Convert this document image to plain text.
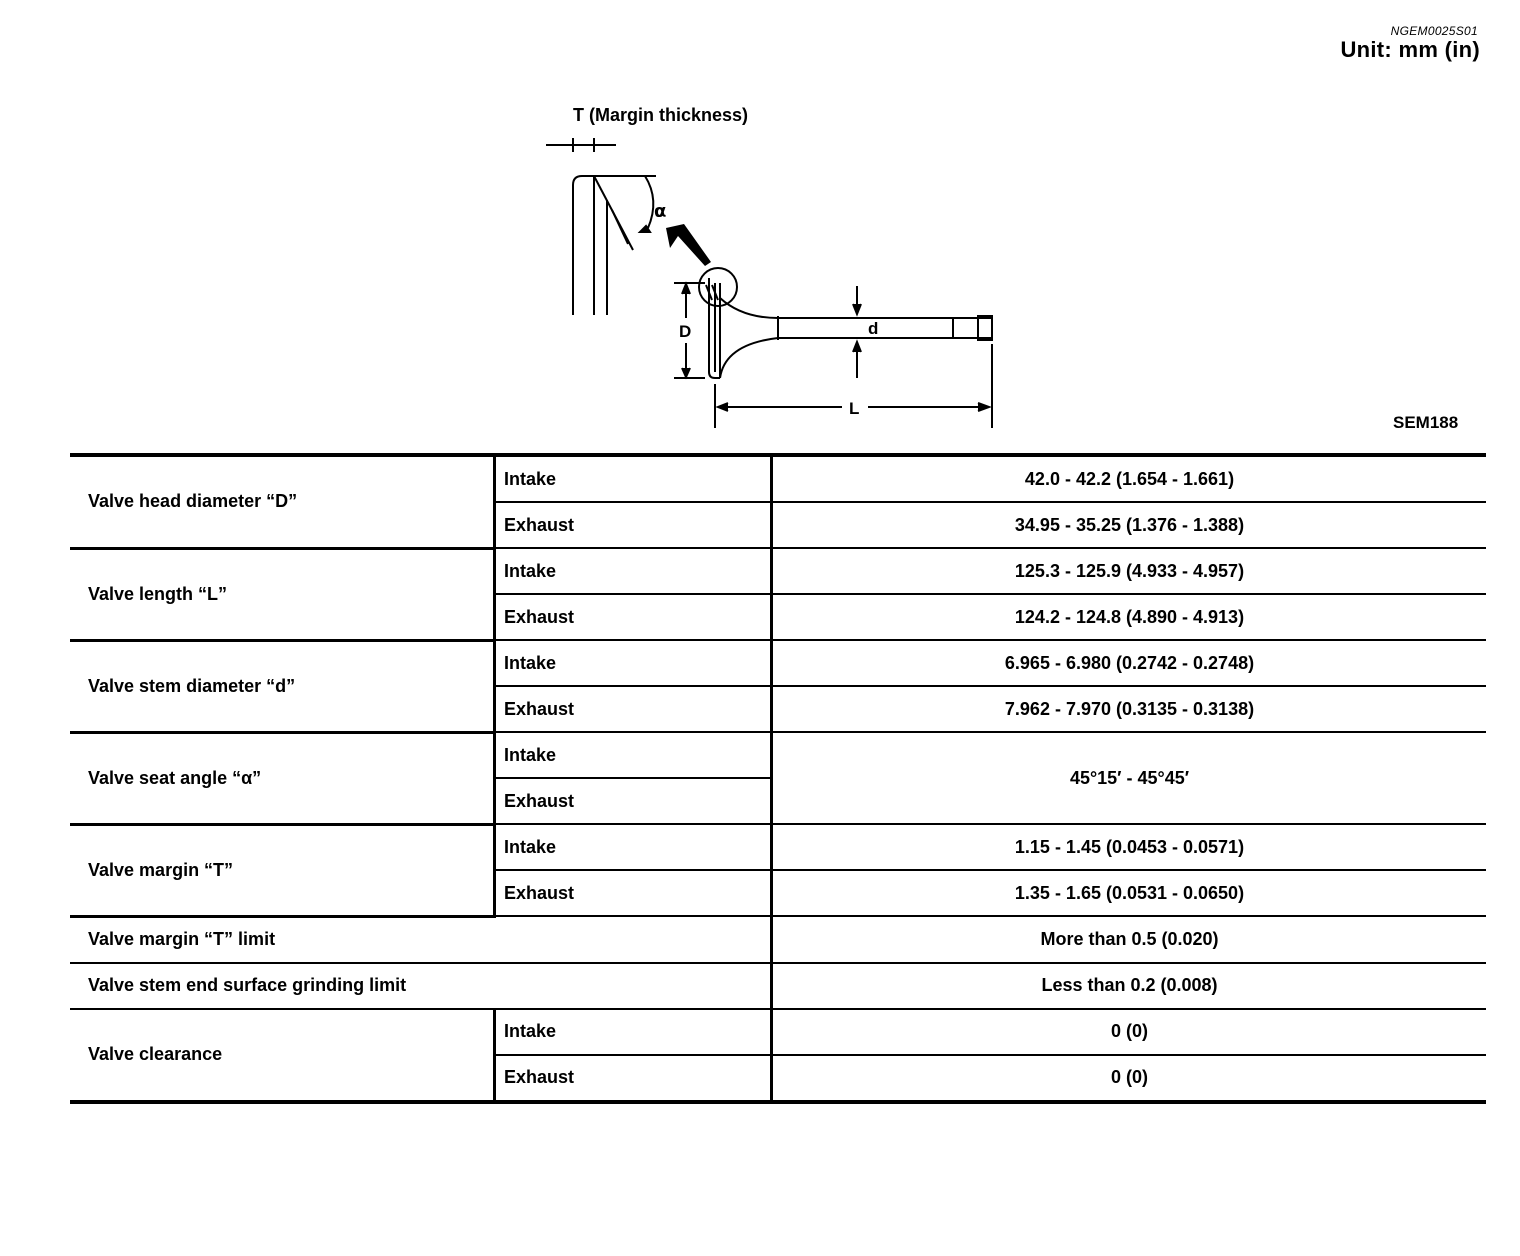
NGEM0025S01
Unit: mm (in)
T (Margin thickness)
α
D	d
L
SEM188
Valve head diameter “D”	Intake	42.0 - 42.2 (1.654 - 1.661)
	Exhaust	34.95 - 35.25 (1.376 - 1.388)
Valve length “L”	Intake	125.3 - 125.9 (4.933 - 4.957)
	Exhaust	124.2 - 124.8 (4.890 - 4.913)
Valve stem diameter “d”	Intake	6.965 - 6.980 (0.2742 - 0.2748)
	Exhaust	7.962 - 7.970 (0.3135 - 0.3138)
Valve seat angle “α”	Intake	45°15′ - 45°45′
	Exhaust	
Valve margin “T”	Intake	1.15 - 1.45 (0.0453 - 0.0571)
	Exhaust	1.35 - 1.65 (0.0531 - 0.0650)
Valve margin “T” limit		More than 0.5 (0.020)
Valve stem end surface grinding limit		Less than 0.2 (0.008)
Valve clearance	Intake	0 (0)
	Exhaust	0 (0)
